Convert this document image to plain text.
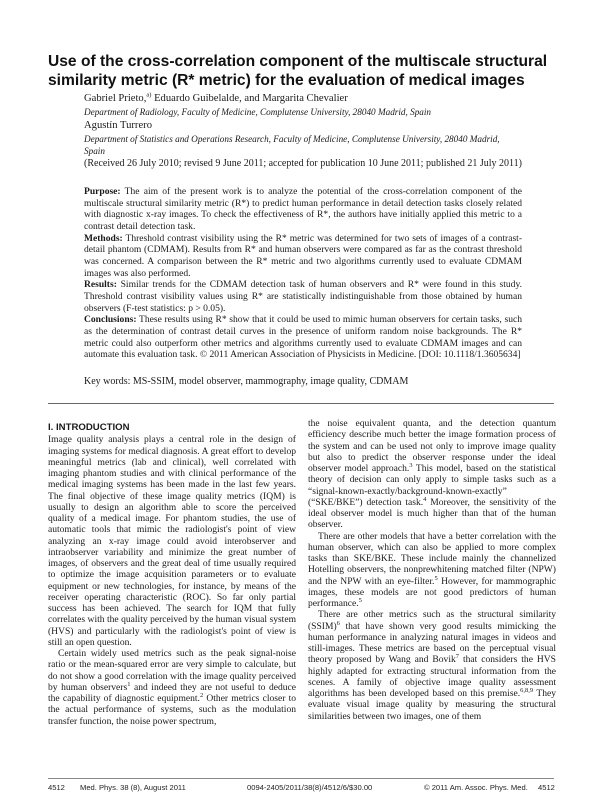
Use of the cross-correlation component of the multiscale structural similarity metric (R* metric) for the evaluation of medical images
Gabriel Prieto,$^{a)}$ Eduardo Guibelalde, and Margarita Chevalier
Department of Radiology, Faculty of Medicine, Complutense University, 28040 Madrid, Spain
Agustín Turrero
Department of Statistics and Operations Research, Faculty of Medicine, Complutense University, 28040 Madrid, Spain
(Received 26 July 2010; revised 9 June 2011; accepted for publication 10 June 2011; published 21 July 2011)

Purpose: The aim of the present work is to analyze the potential of the cross-correlation component of the multiscale structural similarity metric (R*) to predict human performance in detail detection tasks closely related with diagnostic x-ray images. To check the effectiveness of R*, the authors have initially applied this metric to a contrast detail detection task.

Methods: Threshold contrast visibility using the R* metric was determined for two sets of images of a contrast-detail phantom (CDMAM). Results from R* and human observers were compared as far as the contrast threshold was concerned. A comparison between the R* metric and two algorithms currently used to evaluate CDMAM images was also performed.

Results: Similar trends for the CDMAM detection task of human observers and R* were found in this study. Threshold contrast visibility values using R* are statistically indistinguishable from those obtained by human observers (F-test statistics: p > 0.05).

Conclusions: These results using R* show that it could be used to mimic human observers for certain tasks, such as the determination of contrast detail curves in the presence of uniform random noise backgrounds. The R* metric could also outperform other metrics and algorithms currently used to evaluate CDMAM images and can automate this evaluation task. © 2011 American Association of Physicists in Medicine. [DOI: 10.1118/1.3605634]

Key words: MS-SSIM, model observer, mammography, image quality, CDMAM
I. INTRODUCTION

Image quality analysis plays a central role in the design of imaging systems for medical diagnosis. A great effort to develop meaningful metrics (lab and clinical), well correlated with imaging phantom studies and with clinical performance of the medical imaging systems has been made in the last few years. The final objective of these image quality metrics (IQM) is usually to design an algorithm able to score the perceived quality of a medical image. For phantom studies, the use of automatic tools that mimic the radiologist's point of view analyzing an x-ray image could avoid interobserver and intraobserver variability and minimize the great number of images, of observers and the great deal of time usually required to optimize the image acquisition parameters or to evaluate equipment or new technologies, for instance, by means of the receiver operating characteristic (ROC). So far only partial success has been achieved. The search for IQM that fully correlates with the quality perceived by the human visual system (HVS) and particularly with the radiologist's point of view is still an open question.

Certain widely used metrics such as the peak signal-noise ratio or the mean-squared error are very simple to calculate, but do not show a good correlation with the image quality perceived by human observers$^1$ and indeed they are not useful to deduce the capability of diagnostic equipment.$^2$ Other metrics closer to the actual performance of systems, such as the modulation transfer function, the noise power spectrum,

the noise equivalent quanta, and the detection quantum efficiency describe much better the image formation process of the system and can be used not only to improve image quality but also to predict the observer response under the ideal observer model approach.$^3$ This model, based on the statistical theory of decision can only apply to simple tasks such as a “signal-known-exactly/background-known-exactly” (“SKE/BKE”) detection task.$^4$ Moreover, the sensitivity of the ideal observer model is much higher than that of the human observer.

There are other models that have a better correlation with the human observer, which can also be applied to more complex tasks than SKE/BKE. These include mainly the channelized Hotelling observers, the nonprewhitening matched filter (NPW) and the NPW with an eye-filter.$^5$ However, for mammographic images, these models are not good predictors of human performance.$^5$

There are other metrics such as the structural similarity (SSIM)$^6$ that have shown very good results mimicking the human performance in analyzing natural images in videos and still-images. These metrics are based on the perceptual visual theory proposed by Wang and Bovik$^7$ that considers the HVS highly adapted for extracting structural information from the scenes. A family of objective image quality assessment algorithms has been developed based on this premise.$^{6,8,9}$ They evaluate visual image quality by measuring the structural similarities between two images, one of them

4512 Med. Phys. 38 (8), August 2011	0094-2405/2011/38(8)/4512/6/$30.00	© 2011 Am. Assoc. Phys. Med. 4512
